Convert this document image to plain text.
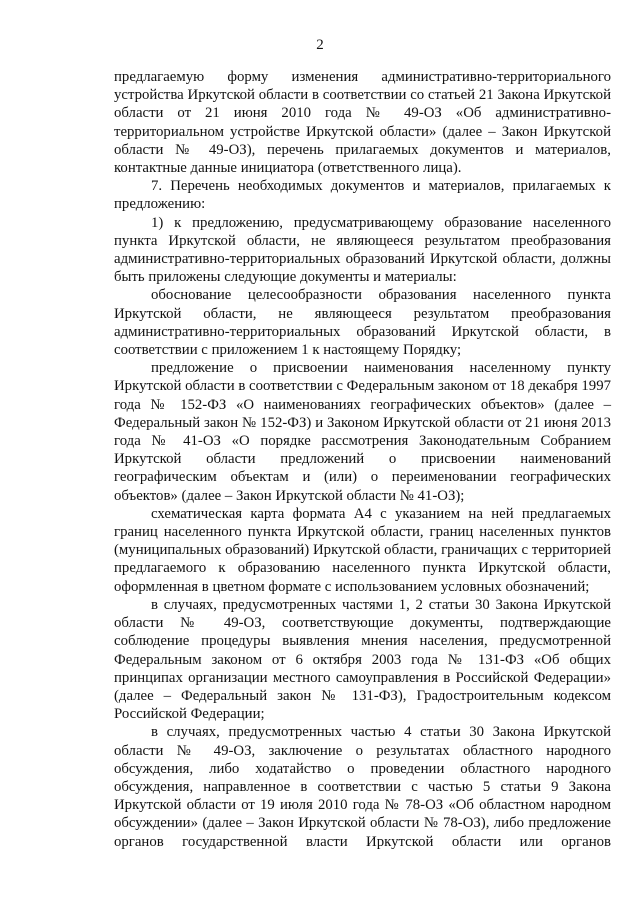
2

предлагаемую форму изменения административно-территориального устройства Иркутской области в соответствии со статьей 21 Закона Иркутской области от 21 июня 2010 года № 49-ОЗ «Об административно-территориальном устройстве Иркутской области» (далее – Закон Иркутской области № 49-ОЗ), перечень прилагаемых документов и материалов, контактные данные инициатора (ответственного лица).

7. Перечень необходимых документов и материалов, прилагаемых к предложению:

1) к предложению, предусматривающему образование населенного пункта Иркутской области, не являющееся результатом преобразования административно-территориальных образований Иркутской области, должны быть приложены следующие документы и материалы:

обоснование целесообразности образования населенного пункта Иркутской области, не являющееся результатом преобразования административно-территориальных образований Иркутской области, в соответствии с приложением 1 к настоящему Порядку;

предложение о присвоении наименования населенному пункту Иркутской области в соответствии с Федеральным законом от 18 декабря 1997 года № 152-ФЗ «О наименованиях географических объектов» (далее – Федеральный закон № 152-ФЗ) и Законом Иркутской области от 21 июня 2013 года № 41-ОЗ «О порядке рассмотрения Законодательным Собранием Иркутской области предложений о присвоении наименований географическим объектам и (или) о переименовании географических объектов» (далее – Закон Иркутской области № 41-ОЗ);

схематическая карта формата А4 с указанием на ней предлагаемых границ населенного пункта Иркутской области, границ населенных пунктов (муниципальных образований) Иркутской области, граничащих с территорией предлагаемого к образованию населенного пункта Иркутской области, оформленная в цветном формате с использованием условных обозначений;

в случаях, предусмотренных частями 1, 2 статьи 30 Закона Иркутской области № 49-ОЗ, соответствующие документы, подтверждающие соблюдение процедуры выявления мнения населения, предусмотренной Федеральным законом от 6 октября 2003 года № 131-ФЗ «Об общих принципах организации местного самоуправления в Российской Федерации» (далее – Федеральный закон № 131-ФЗ), Градостроительным кодексом Российской Федерации;

в случаях, предусмотренных частью 4 статьи 30 Закона Иркутской области № 49-ОЗ, заключение о результатах областного народного обсуждения, либо ходатайство о проведении областного народного обсуждения, направленное в соответствии с частью 5 статьи 9 Закона Иркутской области от 19 июля 2010 года № 78-ОЗ «Об областном народном обсуждении» (далее – Закон Иркутской области № 78-ОЗ), либо предложение органов государственной власти Иркутской области или органов
